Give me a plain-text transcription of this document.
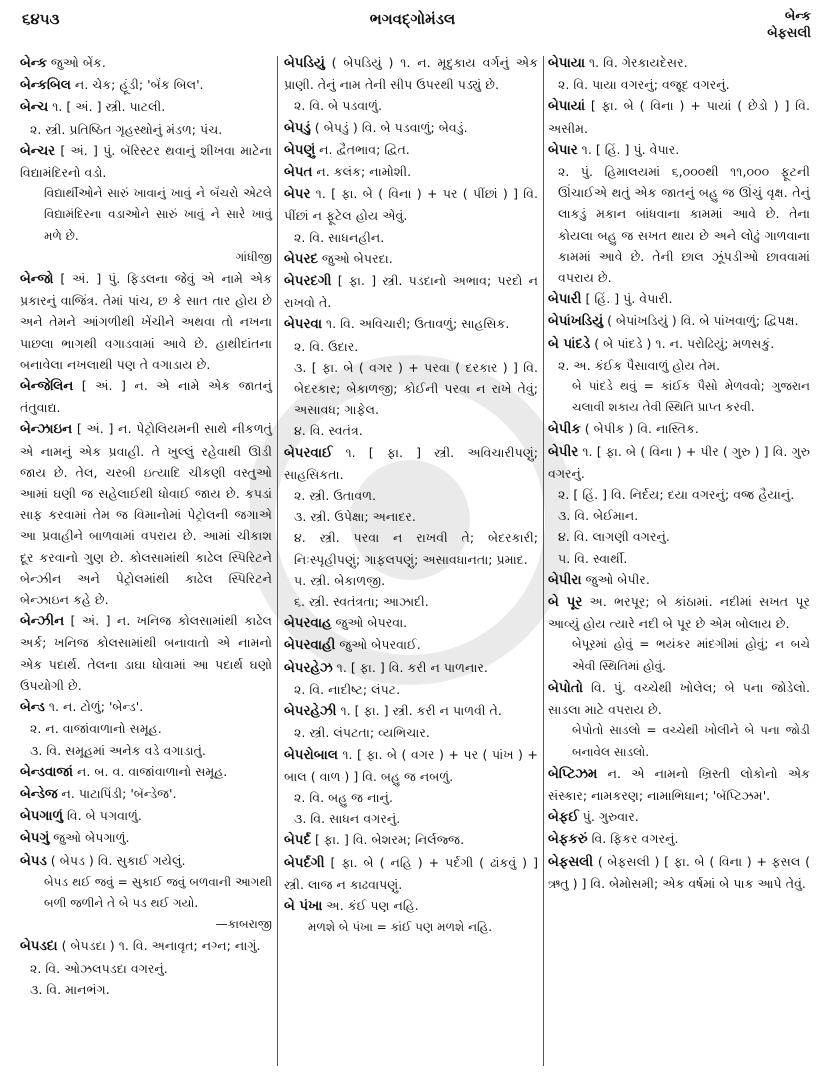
૬૪૫૩	ભગવદ્ગોમંડલ	બેન્ક
બેફસલી

બેન્ક જુઓ બેંક.

બેન્કબિલ ન. ચેક; હૂંડી; 'બૅંક બિલ'.

બેન્ચ ૧. [ અં. ] સ્ત્રી. પાટલી.

૨. સ્ત્રી. પ્રતિષ્ઠિત ગૃહસ્થોનું મંડળ; પંચ.

બેન્ચર [ અં. ] પું. બૅરિસ્ટર થવાનું શીખવા માટેના વિદ્યામંદિરનો વડો.

વિદ્યાર્થીઓને સારું ખાવાનું ખાવું ને બૅંચરો એટલે વિદ્યામંદિરના વડાઓને સારું ખાવું ને સારે ખાવું મળે છે.
ગાંધીજી

બેન્જો [ અં. ] પું. ફિડલના જેવું એ નામે એક પ્રકારનું વાજિંત્ર. તેમાં પાંચ, છ કે સાત તાર હોય છે અને તેમને આંગળીથી ખેંચીને અથવા તો નખના પાછલા ભાગથી વગાડવામાં આવે છે. હાથીદાંતના બનાવેલા નખલાથી પણ તે વગાડાય છે.

બેન્જેલિન [ અં. ] ન. એ નામે એક જાતનું તંતુવાદ્ય.

બેન્ઝાઇન [ અં. ] ન. પેટ્રોલિયમની સાથે નીકળતું એ નામનું એક પ્રવાહી. તે ખુલ્લું રહેવાથી ઊડી જાય છે. તેલ, ચરબી ઇત્યાદિ ચીકણી વસ્તુઓ આમાં ઘણી જ સહેલાઈથી ધોવાઈ જાય છે. કપડાં સાફ કરવામાં તેમ જ વિમાનોમાં પેટ્રોલની જગાએ આ પ્રવાહીને બાળવામાં વપરાય છે. આમાં ચીકાશ દૂર કરવાનો ગુણ છે. કોલસામાંથી કાઢેલ સ્પિરિટને બેન્ઝીન અને પેટ્રોલમાંથી કાઢેલ સ્પિરિટને બેન્ઝાઇન કહે છે.

બેન્ઝીન [ અં. ] ન. ખનિજ કોલસામાંથી કાઢેલ અર્ક; ખનિજ કોલસામાંથી બનાવાતો એ નામનો એક પદાર્થ. તેલના ડાઘા ધોવામાં આ પદાર્થ ઘણો ઉપયોગી છે.

બેન્ડ ૧. ન. ટોળું; 'બેન્ડ'.

૨. ન. વાજાંવાળાનો સમૂહ.

૩. વિ. સમૂહમાં અનેક વડે વગાડાતું.

બેન્ડવાજાં ન. બ. વ. વાજાંવાળાનો સમૂહ.

બેન્ડેજ ન. પાટાપિંડી; 'બૅન્ડેજ'.

બેપગાળું વિ. બે પગવાળું.

બેપગું જુઓ બેપગાળું.

બેપડ ( બેપડ ) વિ. સુકાઈ ગયેલું.

બેપડ થઈ જવું = સુકાઈ જવું બળવાની આગથી બળી જળીને તે બે પડ થઈ ગયો.
—કાબરાજી

બેપડદા ( બેપડદા ) ૧. વિ. અનાવૃત; નગ્ન; નાગું.

૨. વિ. ઓઝલપડદા વગરનું.

૩. વિ. માનભંગ.

બેપડિયું ( બેપડિયું ) ૧. ન. મૃદુકાય વર્ગનું એક પ્રાણી. તેનું નામ તેની સીપ ઉપરથી પડ્યું છે.

૨. વિ. બે પડવાળું.

બેપડું ( બેપડું ) વિ. બે પડવાળું; બેવડું.

બેપણું ન. દ્વૈતભાવ; દ્વિત.

બેપત ન. કલંક; નામોશી.

બેપર ૧. [ ફા. બે ( વિના ) + પર ( પીંછાં ) ] વિ. પીંછાં ન ફૂટેલ હોય એવું.

૨. વિ. સાધનહીન.

બેપરદ જુઓ બેપરદા.

બેપરદગી [ ફા. ] સ્ત્રી. પડદાનો અભાવ; પરદો ન રાખવો તે.

બેપરવા ૧. વિ. અવિચારી; ઉતાવળું; સાહસિક.

૨. વિ. ઉદાર.

૩. [ ફા. બે ( વગર ) + પરવા ( દરકાર ) ] વિ. બેદરકાર; બેકાળજી; કોઈની પરવા ન રાખે તેવું; અસાવધ; ગાફેલ.

૪. વિ. સ્વતંત્ર.

બેપરવાઈ ૧. [ ફા. ] સ્ત્રી. અવિચારીપણું; સાહસિકતા.

૨. સ્ત્રી. ઉતાવળ.

૩. સ્ત્રી. ઉપેક્ષા; અનાદર.

૪. સ્ત્રી. પરવા ન રાખવી તે; બેદરકારી; નિઃસ્પૃહીપણું; ગાફલપણું; અસાવધાનતા; પ્રમાદ.

૫. સ્ત્રી. બેકાળજી.

૬. સ્ત્રી. સ્વતંત્રતા; આઝાદી.

બેપરવાહ જુઓ બેપરવા.

બેપરવાહી જુઓ બેપરવાઈ.

બેપરહેઝ ૧. [ ફા. ] વિ. કરી ન પાળનાર.

૨. વિ. નાદીષ્ટ; લંપટ.

બેપરહેઝી ૧. [ ફા. ] સ્ત્રી. કરી ન પાળવી તે.

૨. સ્ત્રી. લંપટતા; વ્યભિચાર.

બેપરોબાલ ૧. [ ફા. બે ( વગર ) + પર ( પાંખ ) + બાલ ( વાળ ) ] વિ. બહુ જ નબળું.

૨. વિ. બહુ જ નાનું.

૩. વિ. સાધન વગરનું.

બેપર્દ [ ફા. ] વિ. બેશરમ; નિર્લજ્જ.

બેપર્દગી [ ફા. બે ( નહિ ) + પર્દગી ( ઢાંકવું ) ] સ્ત્રી. લાજ ન કાઢવાપણું.

બે પંખા અ. કંઈ પણ નહિ.

મળશે બે પંખા = કાંઈ પણ મળશે નહિ.

બેપાયા ૧. વિ. ગેરકાયદેસર.

૨. વિ. પાયા વગરનું; વજૂદ વગરનું.

બેપાયાં [ ફા. બે ( વિના ) + પાયાં ( છેડો ) ] વિ. અસીમ.

બેપાર ૧. [ હિં. ] પું. વેપાર.

૨. પું. હિમાલયમાં ૬,૦૦૦થી ૧૧,૦૦૦ ફૂટની ઊંચાઈએ થતું એક જાતનું બહુ જ ઊંચું વૃક્ષ. તેનું લાકડું મકાન બાંધવાના કામમાં આવે છે. તેના કોયલા બહુ જ સખત થાય છે અને લોઢું ગાળવાના કામમાં આવે છે. તેની છાલ ઝૂંપડીઓ છાવવામાં વપરાય છે.

બેપારી [ હિં. ] પું. વેપારી.

બેપાંખડિયું ( બેપાંખડિયું ) વિ. બે પાંખવાળું; દ્વિપક્ષ.

બે પાંદડે ( બે પાંદડે ) ૧. ન. પરોઢિયું; મળસકું.

૨. અ. કંઈક પૈસાવાળું હોય તેમ.

બે પાંદડે થવું = કાંઈક પૈસો મેળવવો; ગુજરાન ચલાવી શકાય તેવી સ્થિતિ પ્રાપ્ત કરવી.

બેપીક ( બેપીક ) વિ. નાસ્તિક.

બેપીર ૧. [ ફા. બે ( વિના ) + પીર ( ગુરુ ) ] વિ. ગુરુ વગરનું.

૨. [ હિં. ] વિ. નિર્દય; દયા વગરનું; વજ્ર હૈયાનું.

૩. વિ. બેઈમાન.

૪. વિ. લાગણી વગરનું.

૫. વિ. સ્વાર્થી.

બેપીરા જુઓ બેપીર.

બે પૂર અ. ભરપૂર; બે કાંઠામાં. નદીમાં સખત પૂર આવ્યું હોય ત્યારે નદી બે પૂર છે એમ બોલાય છે.

બેપૂરમાં હોવું = ભયંકર માંદગીમાં હોવું; ન બચે એવી સ્થિતિમાં હોવું.

બેપોતો વિ. પું. વચ્ચેથી ખોલેલ; બે પના જોડેલો. સાડલા માટે વપરાય છે.

બેપોતો સાડલો = વચ્ચેથી ખોલીને બે પના જોડી બનાવેલ સાડલો.

બેપ્ટિઝમ ન. એ નામનો ખ્રિસ્તી લોકોનો એક સંસ્કાર; નામકરણ; નામાભિધાન; 'બૅપ્ટિઝમ'.

બેફઈ પું. ગુરુવાર.

બેફકરું વિ. ફિકર વગરનું.

બેફસલી ( બેફસલી ) [ ફા. બે ( વિના ) + ફસલ ( ઋતુ ) ] વિ. બેમોસમી; એક વર્ષમાં બે પાક આપે તેવું.
